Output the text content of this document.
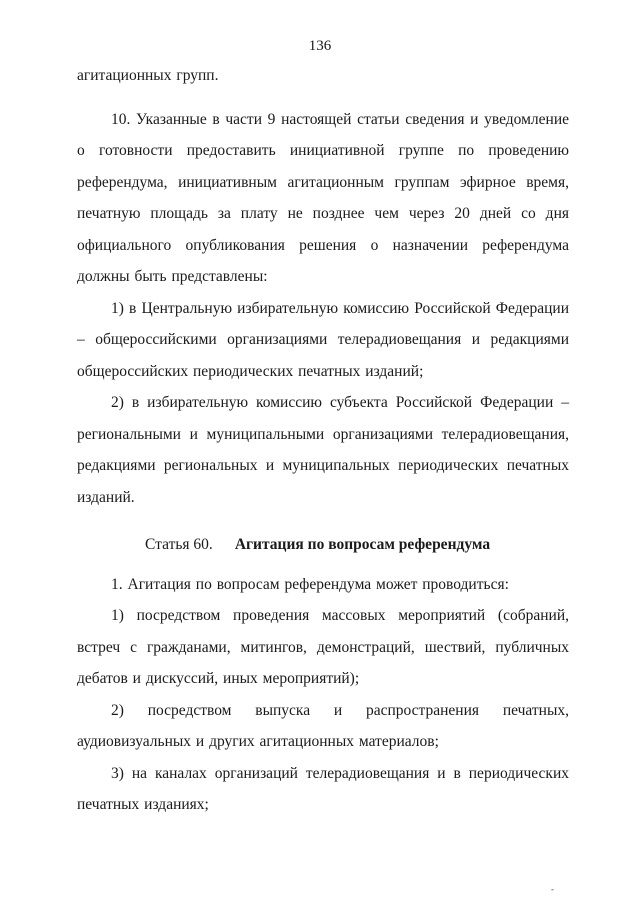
136

агитационных групп.

10. Указанные в части 9 настоящей статьи сведения и уведомление о готовности предоставить инициативной группе по проведению референдума, инициативным агитационным группам эфирное время, печатную площадь за плату не позднее чем через 20 дней со дня официального опубликования решения о назначении референдума должны быть представлены:

1) в Центральную избирательную комиссию Российской Федерации – общероссийскими организациями телерадиовещания и редакциями общероссийских периодических печатных изданий;

2) в избирательную комиссию субъекта Российской Федерации – региональными и муниципальными организациями телерадиовещания, редакциями региональных и муниципальных периодических печатных изданий.

Статья 60. Агитация по вопросам референдума

1. Агитация по вопросам референдума может проводиться:

1) посредством проведения массовых мероприятий (собраний, встреч с гражданами, митингов, демонстраций, шествий, публичных дебатов и дискуссий, иных мероприятий);

2) посредством выпуска и распространения печатных, аудиовизуальных и других агитационных материалов;

3) на каналах организаций телерадиовещания и в периодических печатных изданиях;

-
